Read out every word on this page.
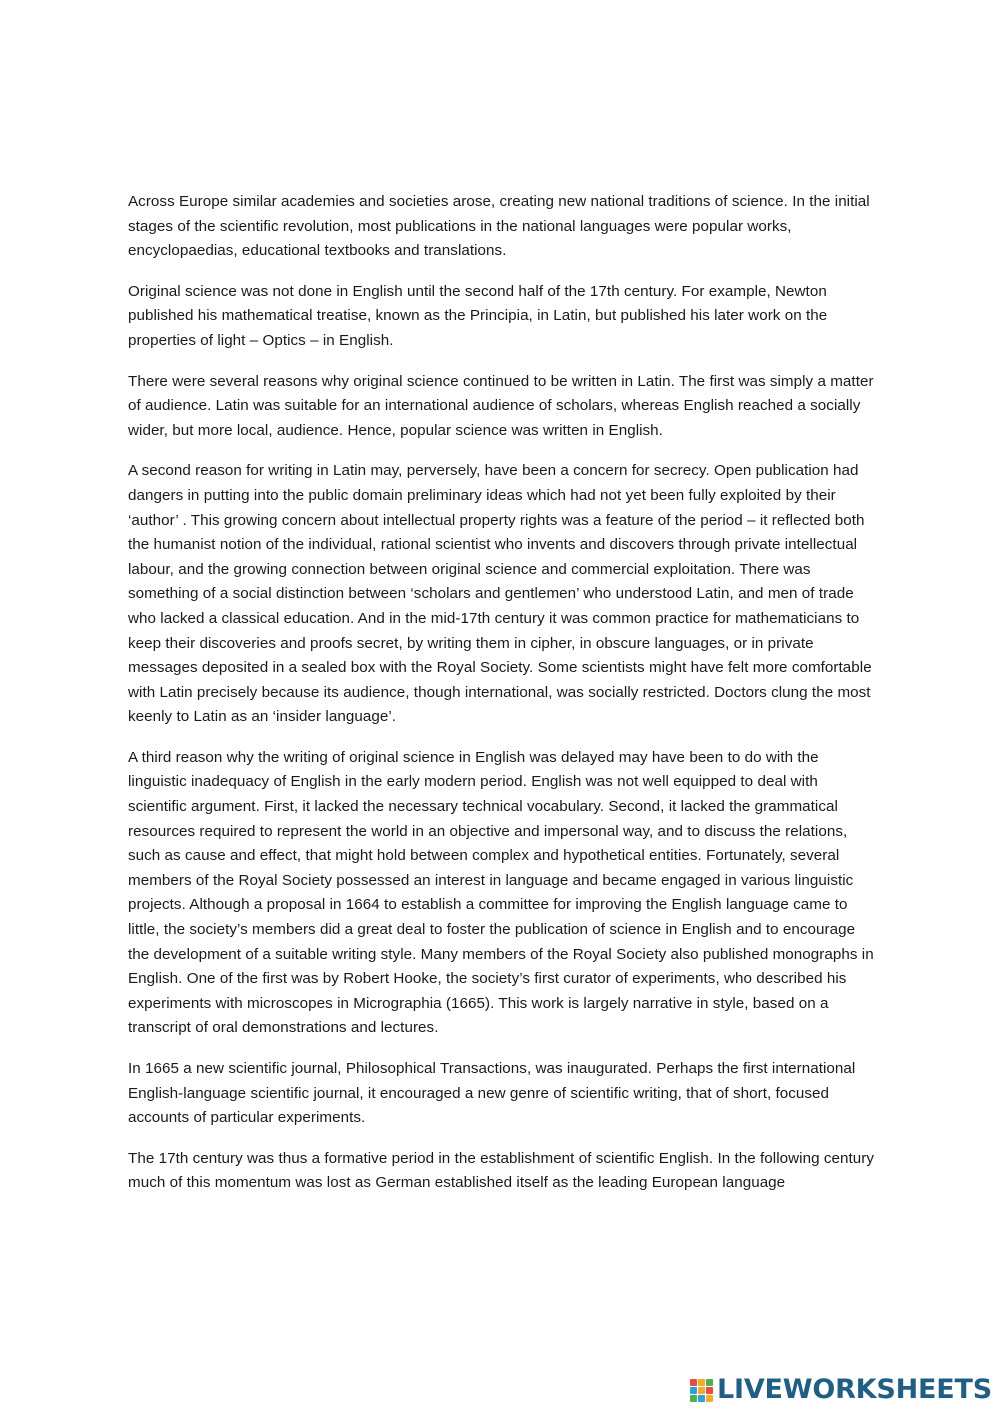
Across Europe similar academies and societies arose, creating new national traditions of science. In the initial stages of the scientific revolution, most publications in the national languages were popular works, encyclopaedias, educational textbooks and translations.

Original science was not done in English until the second half of the 17th century. For example, Newton published his mathematical treatise, known as the Principia, in Latin, but published his later work on the properties of light – Optics – in English.

There were several reasons why original science continued to be written in Latin. The first was simply a matter of audience. Latin was suitable for an international audience of scholars, whereas English reached a socially wider, but more local, audience. Hence, popular science was written in English.

A second reason for writing in Latin may, perversely, have been a concern for secrecy. Open publication had dangers in putting into the public domain preliminary ideas which had not yet been fully exploited by their ‘author’ . This growing concern about intellectual property rights was a feature of the period – it reflected both the humanist notion of the individual, rational scientist who invents and discovers through private intellectual labour, and the growing connection between original science and commercial exploitation. There was something of a social distinction between ‘scholars and gentlemen’ who understood Latin, and men of trade who lacked a classical education. And in the mid-17th century it was common practice for mathematicians to keep their discoveries and proofs secret, by writing them in cipher, in obscure languages, or in private messages deposited in a sealed box with the Royal Society. Some scientists might have felt more comfortable with Latin precisely because its audience, though international, was socially restricted. Doctors clung the most keenly to Latin as an ‘insider language’.

A third reason why the writing of original science in English was delayed may have been to do with the linguistic inadequacy of English in the early modern period. English was not well equipped to deal with scientific argument. First, it lacked the necessary technical vocabulary. Second, it lacked the grammatical resources required to represent the world in an objective and impersonal way, and to discuss the relations, such as cause and effect, that might hold between complex and hypothetical entities. Fortunately, several members of the Royal Society possessed an interest in language and became engaged in various linguistic projects. Although a proposal in 1664 to establish a committee for improving the English language came to little, the society’s members did a great deal to foster the publication of science in English and to encourage the development of a suitable writing style. Many members of the Royal Society also published monographs in English. One of the first was by Robert Hooke, the society’s first curator of experiments, who described his experiments with microscopes in Micrographia (1665). This work is largely narrative in style, based on a transcript of oral demonstrations and lectures.

In 1665 a new scientific journal, Philosophical Transactions, was inaugurated. Perhaps the first international English-language scientific journal, it encouraged a new genre of scientific writing, that of short, focused accounts of particular experiments.

The 17th century was thus a formative period in the establishment of scientific English. In the following century much of this momentum was lost as German established itself as the leading European language

LIVEWORKSHEETS
